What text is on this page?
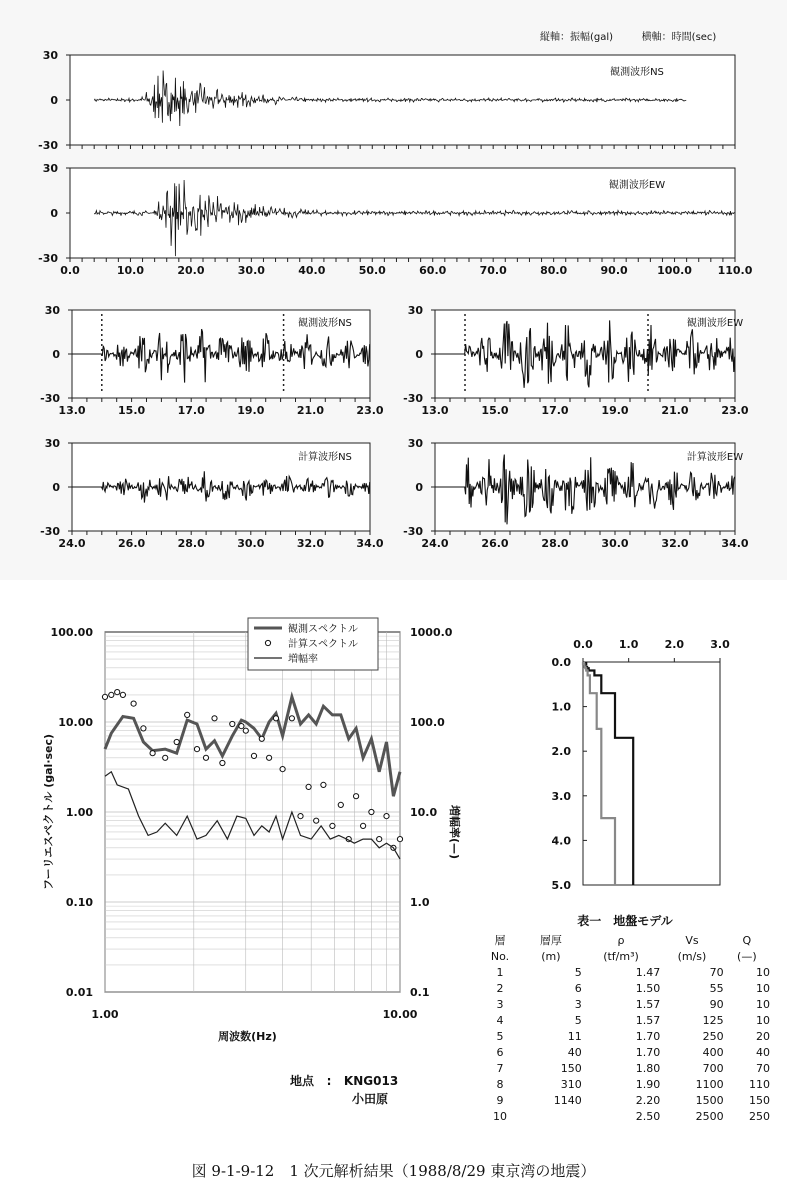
縦軸：振幅(gal)	横軸：時間(sec)
30
0
-30
観測波形NS
30
0
-30
0.0	10.0	20.0	30.0	40.0	50.0	60.0	70.0	80.0	90.0	100.0 110.0
観測波形EW
30
0
-30
13.0	15.0	17.0	19.0	21.0	23.0
観測波形NS
30
0
-30
13.0	15.0	17.0	19.0	21.0	23.0
観測波形EW
30
0
-30
24.0	26.0	28.0	30.0	32.0	34.0
計算波形NS
30
0
-30
24.0	26.0	28.0	30.0	32.0	34.0
計算波形EW
100.00
10.00
1.00
0.10
0.01
1000.0
100.0
10.0
1.0
0.1
1.00	10.00
周波数(Hz)
フーリエスペクトル (gal·sec)	増幅率(—)
観測スペクトル
計算スペクトル
増幅率
0.0 1.0 2.0 3.0
0.0
1.0
2.0
3.0
4.0
5.0
表一　地盤モデル
層	層厚	ρ	Vs	Q
No.	(m)	(tf/m³)	(m/s)	(—)
1	5	1.47	70	10
2	6	1.50	55	10
3	3	1.57	90	10
4	5	1.57	125	10
5	11	1.70	250	20
6	40	1.70	400	40
7	150	1.80	700	70
8	310	1.90	1100	110
9	1140	2.20	1500	150
10		2.50	2500	250
地点 : KNG013
小田原
図 9-1-9-12　1 次元解析結果（1988/8/29 東京湾の地震）
